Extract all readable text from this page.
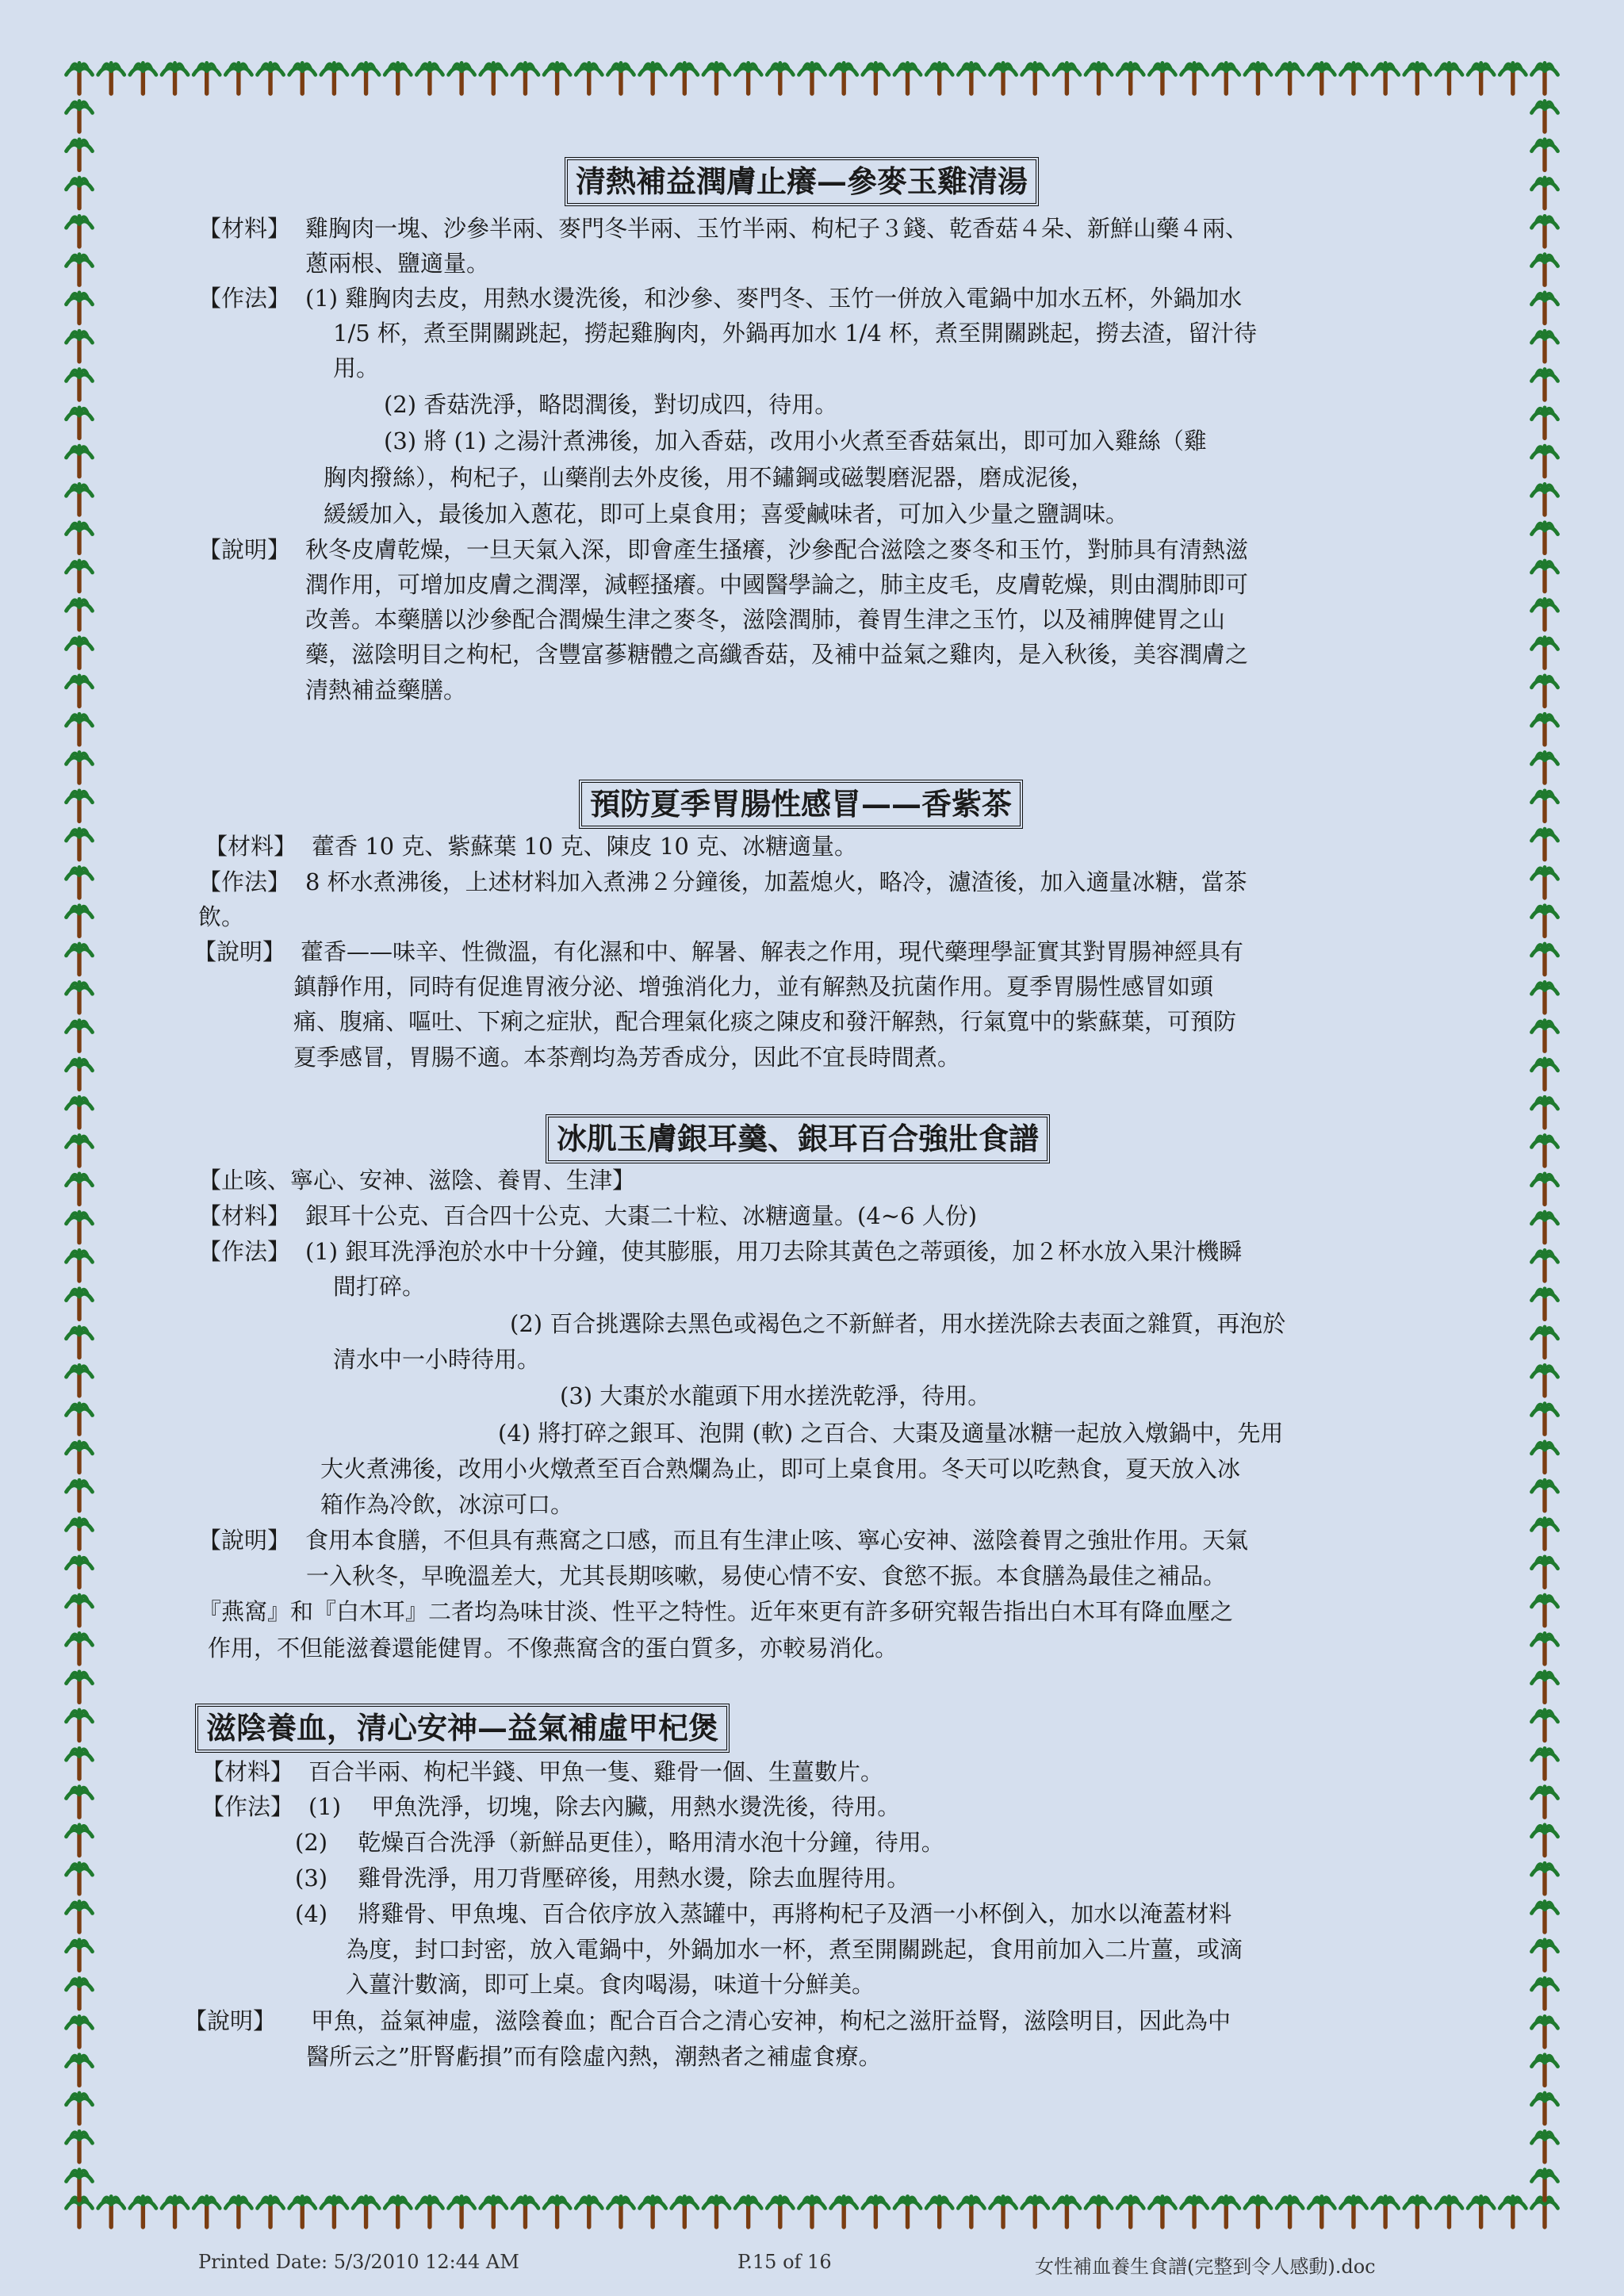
清熱補益潤膚止癢—參麥玉雞清湯
【材料】 雞胸肉一塊、沙參半兩、麥門冬半兩、玉竹半兩、枸杞子３錢、乾香菇４朵、新鮮山藥４兩、
蔥兩根、鹽適量。
【作法】 (1) 雞胸肉去皮，用熱水燙洗後，和沙參、麥門冬、玉竹一併放入電鍋中加水五杯，外鍋加水
1/5 杯，煮至開關跳起，撈起雞胸肉，外鍋再加水 1/4 杯，煮至開關跳起，撈去渣，留汁待
用。
(2) 香菇洗淨，略悶潤後，對切成四，待用。
(3) 將 (1) 之湯汁煮沸後，加入香菇，改用小火煮至香菇氣出，即可加入雞絲（雞
胸肉撥絲），枸杞子，山藥削去外皮後，用不鏽鋼或磁製磨泥器，磨成泥後，
緩緩加入，最後加入蔥花，即可上桌食用；喜愛鹹味者，可加入少量之鹽調味。
【說明】 秋冬皮膚乾燥，一旦天氣入深，即會產生搔癢，沙參配合滋陰之麥冬和玉竹，對肺具有清熱滋
潤作用，可增加皮膚之潤澤，減輕搔癢。中國醫學論之，肺主皮毛，皮膚乾燥，則由潤肺即可
改善。本藥膳以沙參配合潤燥生津之麥冬，滋陰潤肺，養胃生津之玉竹，以及補脾健胃之山
藥，滋陰明目之枸杞，含豐富蔘糖體之高纖香菇，及補中益氣之雞肉，是入秋後，美容潤膚之
清熱補益藥膳。
預防夏季胃腸性感冒——香紫茶
【材料】 藿香 10 克、紫蘇葉 10 克、陳皮 10 克、冰糖適量。
【作法】 8 杯水煮沸後，上述材料加入煮沸２分鐘後，加蓋熄火，略冷，濾渣後，加入適量冰糖，當茶
飲。
【說明】 藿香——味辛、性微溫，有化濕和中、解暑、解表之作用，現代藥理學証實其對胃腸神經具有
鎮靜作用，同時有促進胃液分泌、增強消化力，並有解熱及抗菌作用。夏季胃腸性感冒如頭
痛、腹痛、嘔吐、下痢之症狀，配合理氣化痰之陳皮和發汗解熱，行氣寬中的紫蘇葉，可預防
夏季感冒，胃腸不適。本茶劑均為芳香成分，因此不宜長時間煮。
冰肌玉膚銀耳羹、銀耳百合強壯食譜
【止咳、寧心、安神、滋陰、養胃、生津】
【材料】 銀耳十公克、百合四十公克、大棗二十粒、冰糖適量。(4~6 人份)
【作法】 (1) 銀耳洗淨泡於水中十分鐘，使其膨脹，用刀去除其黃色之蒂頭後，加２杯水放入果汁機瞬
間打碎。
(2) 百合挑選除去黑色或褐色之不新鮮者，用水搓洗除去表面之雜質，再泡於
清水中一小時待用。
(3) 大棗於水龍頭下用水搓洗乾淨，待用。
(4) 將打碎之銀耳、泡開 (軟) 之百合、大棗及適量冰糖一起放入燉鍋中，先用
大火煮沸後，改用小火燉煮至百合熟爛為止，即可上桌食用。冬天可以吃熱食，夏天放入冰
箱作為冷飲，冰涼可口。
【說明】 食用本食膳，不但具有燕窩之口感，而且有生津止咳、寧心安神、滋陰養胃之強壯作用。天氣
一入秋冬，早晚溫差大，尤其長期咳嗽，易使心情不安、食慾不振。本食膳為最佳之補品。
『燕窩』和『白木耳』二者均為味甘淡、性平之特性。近年來更有許多研究報告指出白木耳有降血壓之
作用，不但能滋養還能健胃。不像燕窩含的蛋白質多，亦較易消化。
滋陰養血，清心安神—益氣補虛甲杞煲
【材料】 百合半兩、枸杞半錢、甲魚一隻、雞骨一個、生薑數片。
【作法】 (1)　 甲魚洗淨，切塊，除去內臟，用熱水燙洗後，待用。
(2)　 乾燥百合洗淨（新鮮品更佳），略用清水泡十分鐘，待用。
(3)　 雞骨洗淨，用刀背壓碎後，用熱水燙，除去血腥待用。
(4)　 將雞骨、甲魚塊、百合依序放入蒸罐中，再將枸杞子及酒一小杯倒入，加水以淹蓋材料
為度，封口封密，放入電鍋中，外鍋加水一杯，煮至開關跳起，食用前加入二片薑，或滴
入薑汁數滴，即可上桌。食肉喝湯，味道十分鮮美。
【說明】 甲魚，益氣神虛，滋陰養血；配合百合之清心安神，枸杞之滋肝益腎，滋陰明目，因此為中
醫所云之”肝腎虧損”而有陰虛內熱，潮熱者之補虛食療。
Printed Date: 5/3/2010 12:44 AM	P.15 of 16	女性補血養生食譜(完整到令人感動).doc
